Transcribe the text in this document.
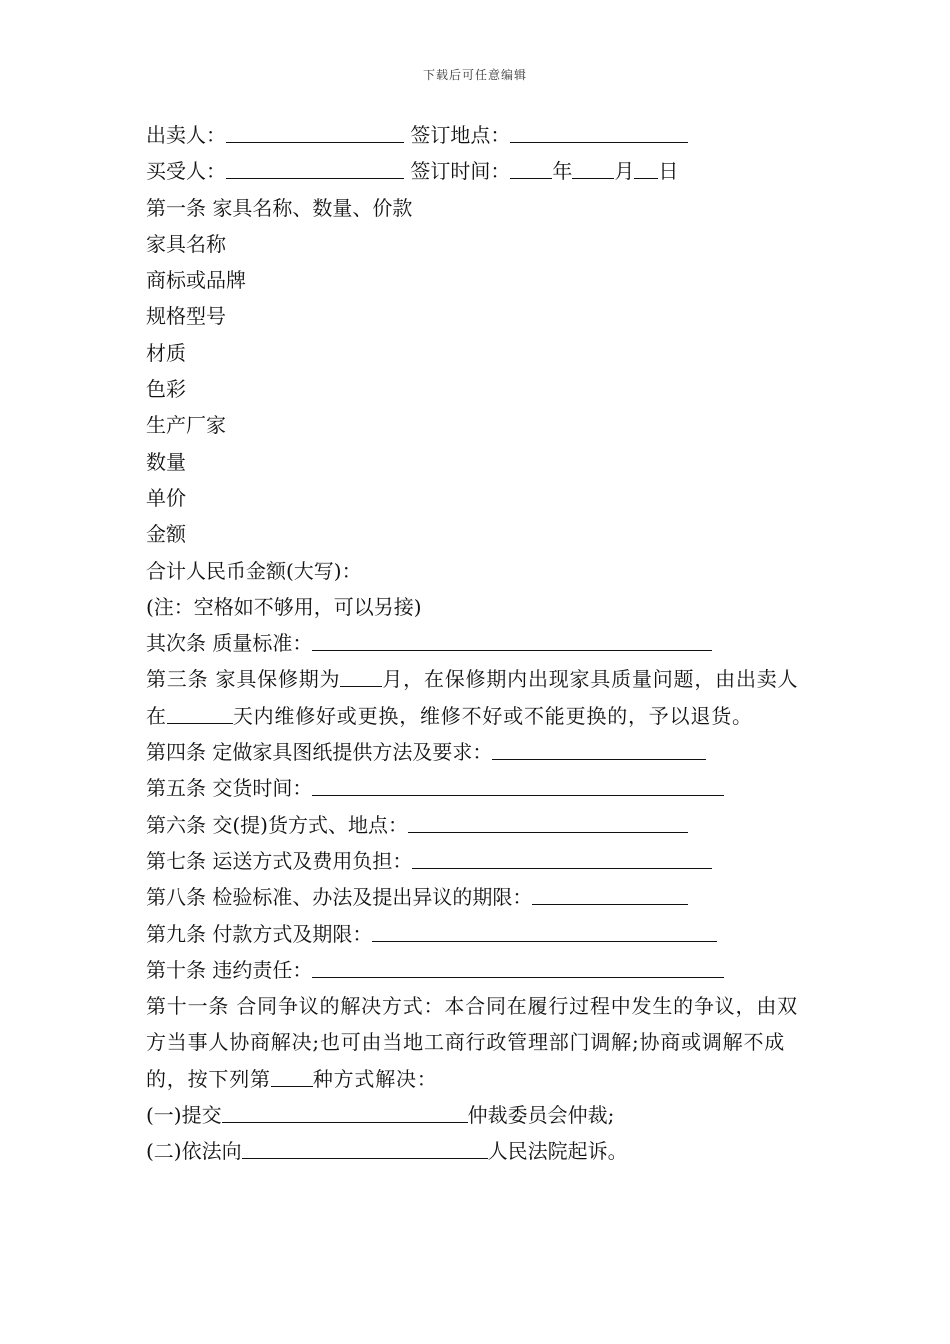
下载后可任意编辑
出卖人：	签订地点：
买受人：	签订时间： 年 月 日
第一条 家具名称、数量、价款
家具名称
商标或品牌
规格型号
材质
色彩
生产厂家
数量
单价
金额
合计人民币金额(大写)：
(注：空格如不够用，可以另接)
其次条 质量标准：
第三条 家具保修期为 月，在保修期内出现家具质量问题，由出卖人在	天内维修好或更换，维修不好或不能更换的，予以退货。
第四条 定做家具图纸提供方法及要求：
第五条 交货时间：
第六条 交(提)货方式、地点：
第七条 运送方式及费用负担：
第八条 检验标准、办法及提出异议的期限：
第九条 付款方式及期限：
第十条 违约责任：
第十一条 合同争议的解决方式：本合同在履行过程中发生的争议，由双方当事人协商解决;也可由当地工商行政管理部门调解;协商或调解不成的，按下列第 种方式解决：
(一)提交	仲裁委员会仲裁;
(二)依法向	人民法院起诉。
